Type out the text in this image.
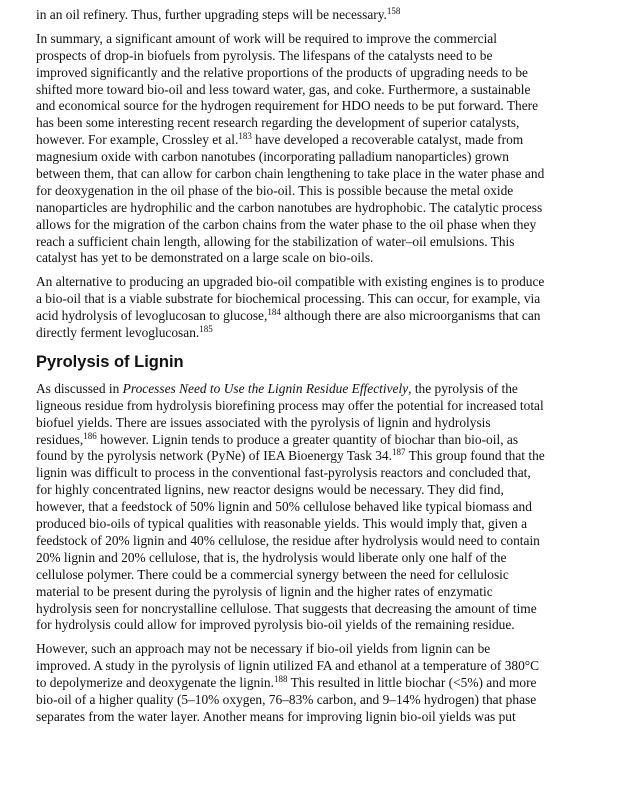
in an oil refinery. Thus, further upgrading steps will be necessary.$^{158}$
In summary, a significant amount of work will be required to improve the commercial
prospects of drop-in biofuels from pyrolysis. The lifespans of the catalysts need to be
improved significantly and the relative proportions of the products of upgrading needs to be
shifted more toward bio-oil and less toward water, gas, and coke. Furthermore, a sustainable
and economical source for the hydrogen requirement for HDO needs to be put forward. There
has been some interesting recent research regarding the development of superior catalysts,
however. For example, Crossley et al.$^{183}$ have developed a recoverable catalyst, made from
magnesium oxide with carbon nanotubes (incorporating palladium nanoparticles) grown
between them, that can allow for carbon chain lengthening to take place in the water phase and
for deoxygenation in the oil phase of the bio-oil. This is possible because the metal oxide
nanoparticles are hydrophilic and the carbon nanotubes are hydrophobic. The catalytic process
allows for the migration of the carbon chains from the water phase to the oil phase when they
reach a sufficient chain length, allowing for the stabilization of water–oil emulsions. This
catalyst has yet to be demonstrated on a large scale on bio-oils.
An alternative to producing an upgraded bio-oil compatible with existing engines is to produce
a bio-oil that is a viable substrate for biochemical processing. This can occur, for example, via
acid hydrolysis of levoglucosan to glucose,$^{184}$ although there are also microorganisms that can
directly ferment levoglucosan.$^{185}$
Pyrolysis of Lignin
As discussed in Processes Need to Use the Lignin Residue Effectively, the pyrolysis of the
ligneous residue from hydrolysis biorefining process may offer the potential for increased total
biofuel yields. There are issues associated with the pyrolysis of lignin and hydrolysis
residues,$^{186}$ however. Lignin tends to produce a greater quantity of biochar than bio-oil, as
found by the pyrolysis network (PyNe) of IEA Bioenergy Task 34.$^{187}$ This group found that the
lignin was difficult to process in the conventional fast-pyrolysis reactors and concluded that,
for highly concentrated lignins, new reactor designs would be necessary. They did find,
however, that a feedstock of 50% lignin and 50% cellulose behaved like typical biomass and
produced bio-oils of typical qualities with reasonable yields. This would imply that, given a
feedstock of 20% lignin and 40% cellulose, the residue after hydrolysis would need to contain
20% lignin and 20% cellulose, that is, the hydrolysis would liberate only one half of the
cellulose polymer. There could be a commercial synergy between the need for cellulosic
material to be present during the pyrolysis of lignin and the higher rates of enzymatic
hydrolysis seen for noncrystalline cellulose. That suggests that decreasing the amount of time
for hydrolysis could allow for improved pyrolysis bio-oil yields of the remaining residue.
However, such an approach may not be necessary if bio-oil yields from lignin can be
improved. A study in the pyrolysis of lignin utilized FA and ethanol at a temperature of 380°C
to depolymerize and deoxygenate the lignin.$^{188}$ This resulted in little biochar (<5%) and more
bio-oil of a higher quality (5–10% oxygen, 76–83% carbon, and 9–14% hydrogen) that phase
separates from the water layer. Another means for improving lignin bio-oil yields was put
